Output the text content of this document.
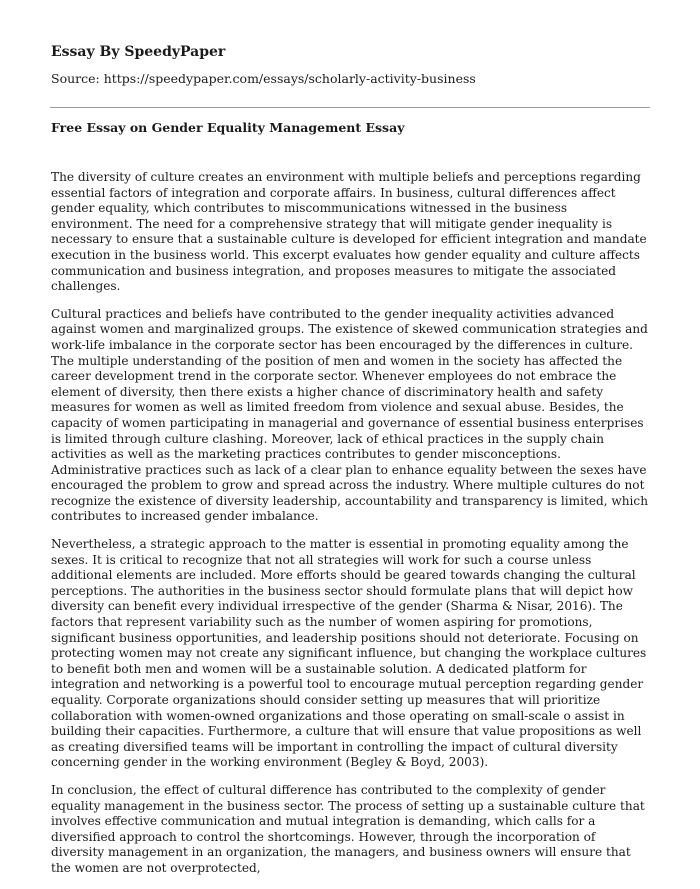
Essay By SpeedyPaper

Source: https://speedypaper.com/essays/scholarly-activity-business

Free Essay on Gender Equality Management Essay

The diversity of culture creates an environment with multiple beliefs and perceptions regarding essential factors of integration and corporate affairs. In business, cultural differences affect gender equality, which contributes to miscommunications witnessed in the business environment. The need for a comprehensive strategy that will mitigate gender inequality is necessary to ensure that a sustainable culture is developed for efficient integration and mandate execution in the business world. This excerpt evaluates how gender equality and culture affects communication and business integration, and proposes measures to mitigate the associated challenges.

Cultural practices and beliefs have contributed to the gender inequality activities advanced against women and marginalized groups. The existence of skewed communication strategies and work-life imbalance in the corporate sector has been encouraged by the differences in culture. The multiple understanding of the position of men and women in the society has affected the career development trend in the corporate sector. Whenever employees do not embrace the element of diversity, then there exists a higher chance of discriminatory health and safety measures for women as well as limited freedom from violence and sexual abuse. Besides, the capacity of women participating in managerial and governance of essential business enterprises is limited through culture clashing. Moreover, lack of ethical practices in the supply chain activities as well as the marketing practices contributes to gender misconceptions. Administrative practices such as lack of a clear plan to enhance equality between the sexes have encouraged the problem to grow and spread across the industry. Where multiple cultures do not recognize the existence of diversity leadership, accountability and transparency is limited, which contributes to increased gender imbalance.

Nevertheless, a strategic approach to the matter is essential in promoting equality among the sexes. It is critical to recognize that not all strategies will work for such a course unless additional elements are included. More efforts should be geared towards changing the cultural perceptions. The authorities in the business sector should formulate plans that will depict how diversity can benefit every individual irrespective of the gender (Sharma & Nisar, 2016). The factors that represent variability such as the number of women aspiring for promotions, significant business opportunities, and leadership positions should not deteriorate. Focusing on protecting women may not create any significant influence, but changing the workplace cultures to benefit both men and women will be a sustainable solution. A dedicated platform for integration and networking is a powerful tool to encourage mutual perception regarding gender equality. Corporate organizations should consider setting up measures that will prioritize collaboration with women-owned organizations and those operating on small-scale o assist in building their capacities. Furthermore, a culture that will ensure that value propositions as well as creating diversified teams will be important in controlling the impact of cultural diversity concerning gender in the working environment (Begley & Boyd, 2003).

In conclusion, the effect of cultural difference has contributed to the complexity of gender equality management in the business sector. The process of setting up a sustainable culture that involves effective communication and mutual integration is demanding, which calls for a diversified approach to control the shortcomings. However, through the incorporation of diversity management in an organization, the managers, and business owners will ensure that the women are not overprotected,
